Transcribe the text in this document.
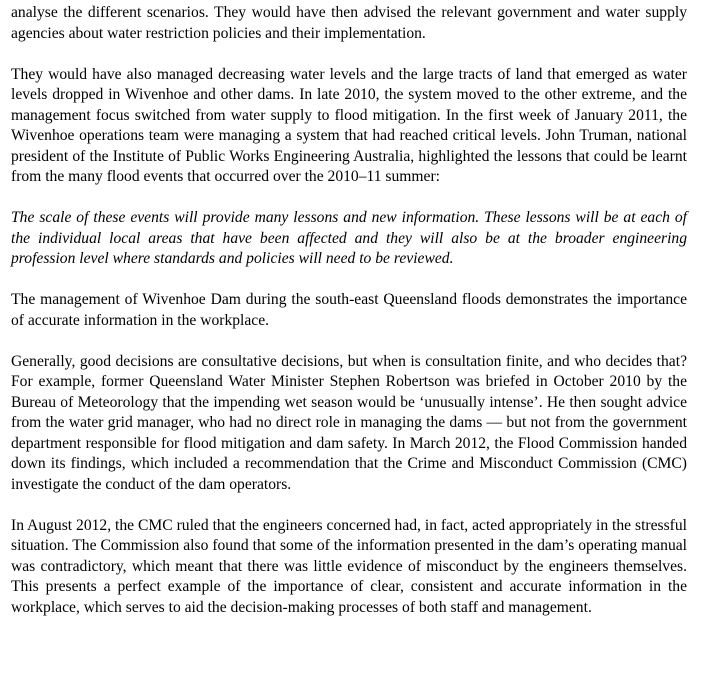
analyse the different scenarios. They would have then advised the relevant government and water supply agencies about water restriction policies and their implementation.

They would have also managed decreasing water levels and the large tracts of land that emerged as water levels dropped in Wivenhoe and other dams. In late 2010, the system moved to the other extreme, and the management focus switched from water supply to flood mitigation. In the first week of January 2011, the Wivenhoe operations team were managing a system that had reached critical levels. John Truman, national president of the Institute of Public Works Engineering Australia, highlighted the lessons that could be learnt from the many flood events that occurred over the 2010–11 summer:

The scale of these events will provide many lessons and new information. These lessons will be at each of the individual local areas that have been affected and they will also be at the broader engineering profession level where standards and policies will need to be reviewed.

The management of Wivenhoe Dam during the south-east Queensland floods demonstrates the importance of accurate information in the workplace.

Generally, good decisions are consultative decisions, but when is consultation finite, and who decides that? For example, former Queensland Water Minister Stephen Robertson was briefed in October 2010 by the Bureau of Meteorology that the impending wet season would be ‘unusually intense’. He then sought advice from the water grid manager, who had no direct role in managing the dams — but not from the government department responsible for flood mitigation and dam safety. In March 2012, the Flood Commission handed down its findings, which included a recommendation that the Crime and Misconduct Commission (CMC) investigate the conduct of the dam operators.

In August 2012, the CMC ruled that the engineers concerned had, in fact, acted appropriately in the stressful situation. The Commission also found that some of the information presented in the dam’s operating manual was contradictory, which meant that there was little evidence of misconduct by the engineers themselves. This presents a perfect example of the importance of clear, consistent and accurate information in the workplace, which serves to aid the decision-making processes of both staff and management.
